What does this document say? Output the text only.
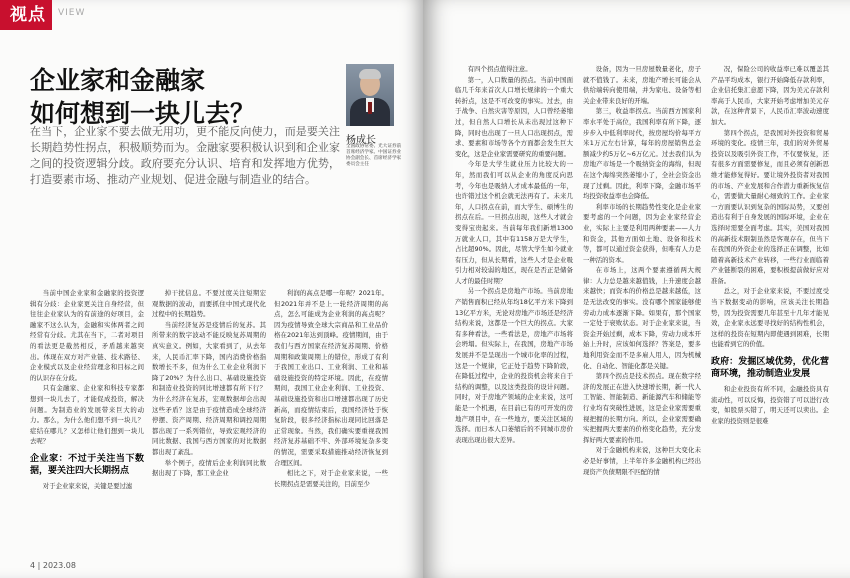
视点	VIEW
企业家和金融家
如何想到一块儿去？
杨成长
全国政协常委、光大证券前首席经济学家、中国证券业协会副会长、首席经济学家委员会主任
在当下，企业家不要去做无用功，更不能反向使力，而是要关注长期趋势性拐点，积极顺势而为。金融家要积极认识到和企业家之间的投资逻辑分歧。政府要充分认识、培育和发挥地方优势，打造要素市场、推动产业规划、促进金融与制造业的结合。

当前中国企业家和金融家的投资逻辑有分歧：企业家更关注自身经营，但往往企业家认为的有前途的好项目，金融家不这么认为，金融和实体两者之间经常有分歧。尤其在当下，二者对项目的看法更是截然相反，矛盾越来越突出。体现在双方对产业链、技术路径、企业模式以及企业经营理念和目标之间的认识存在分歧。

只有金融家、企业家和科技专家都想到一块儿去了，才能促成投资，解决问题。为制造业的发展带来巨大的动力。那么，为什么他们想不到一块儿？症结在哪儿？又怎样让他们想到一块儿去呢？

企业家：不过于关注当下数据，要关注四大长期拐点

对于企业家来说，关键是要过滤

掉干扰信息。不要过度关注短期宏观数据的波动，而要抓住中国式现代化过程中的长期趋势。

当前经济复苏是疫情后的复苏。其所带来的数字波动不能反映复苏周期的真实意义。例如，大家看到了，从去年来，人民币汇率下降，国内消费价格指数增长不多，但为什么工业企业利润下降了20%？为什么出口、基础设施投资和制造业投资的同比增速都有所下行？为什么经济在复苏，宏观数据却会出现这些矛盾？这是由于疫情造成全球经济停摆、资产周期、经济周期和调控周期都出现了一系列错位，导致宏观经济的同比数据、我国与西方国家的对比数据都出现了紊乱。

举个例子，疫情后企业利润同比数据出现了下降，那工业企业

利润的高点是哪一年呢？2021年。但2021年并不是上一轮经济周期的高点，怎么可能成为企业利润的高点呢？因为疫情导致全球大宗商品和工业品价格在2021年达到顶峰。疫情期间，由于我们与西方国家在经济复苏周期、价格周期和政策周期上的错位，形成了有利于我国工业出口、工业利润、工业和基础设施投资的特定环境。因此，在疫情期间，我国工业企业利润、工业投资、基础设施投资和出口增速都出现了历史新高，而疫情结束后，我国经济处于恢复阶段，很多经济指标出现同比回落是正常现象。当然，我们确实要重视我国经济复苏基础不牢、外部环境复杂多变的情况，需要采取措施推动经济恢复到合理区间。

相比之下，对于企业家来说，一些长期拐点是需要关注的，目前至少

4 | 2023.08

有四个拐点值得注意。

第一，人口数量的拐点。当前中国面临几千年来首次人口增长规律的一个重大转折点，这是不可改变的事实。过去，由于战争、自然灾害等原因，人口曾经萎缩过，但自然人口增长从未出现过这种下降，同时也出现了一旦人口出现拐点，需求、要素和市场等各个方面都会发生巨大变化，这是企业家需要研究的重要问题。

今年是大学生就业压力比较大的一年，然而我们可以从企业的角度反向思考，今年也是吸纳人才成本最低的一年，也许错过这个机会就无法再有了。未来几年，人口拐点在前，而大学生、硕博生的拐点在后。一旦拐点出现，这些人才就会变得宝贵起来。当前每年我们新增1300万就业人口，其中有1158万是大学生，占比超90%。因此，尽管大学生如今就业有压力，但从长期看，这些人才是企业吸引力相对较弱的地区，现在是否正是储备人才的最佳时期？

另一个拐点是房地产市场。当前房地产销售面积已经从年均18亿平方米下降到13亿平方米，无论对房地产市场还是经济结构来说，这都是一个巨大的拐点。大家有多种看法，一些看法是，房地产市场将会坍塌。但实际上，在我国，房地产市场发展并不是呈现出一个城市化率的过程，这是一个规律，它正处于趋势下降阶段，在降低过程中，企业的投资机会将来自于结构的调整，以及这类投资的设计问题。同时，对于房地产领域的企业来说，这可能是一个机遇，在目前已有的可开发的房地产项目中，在一些地方，要关注区域的选择。而日本人口萎缩后的不同城市房价表现出现出很大差异。

设备，因为一旦房屋数量老化，房子就不值钱了。未来，房地产增长可能会从供给端转向使用端，并为家电、设备等相关企业带来良好的开端。

第三，收益率拐点。当前西方国家利率水平处于高位，我国利率有所下降，逐步步入中低利率时代，按房屋均价每平方米1万元左右计算，每年的房屋销售总金额减少约5万亿~6万亿元。过去我们认为房地产市场是一个吸纳资金的海绵，但现在这个海绵突然萎缩小了，全社会资金出现了过剩。因此，利率下降，金融市场平均投资收益率也会降低。

利率市场的长期趋势性变化是企业家要考虑的一个问题，因为企业家经营企业，实际上主要是利用两种要素——人力和资金，其他方面如土地、设备和技术等，都可以通过资金获得，但唯有人力是一种活的资本。

在市场上，这两个要素遵循两大规律：人力总是越来越值钱，上升速度会越来越快；而资本的价格总是越来越低，这是无法改变的事实。没有哪个国家能够使劳动力成本逐渐下降。如果有，那个国家一定处于衰败状态。对于企业家来说，当资金开始过剩，成本下降，劳动力成本开始上升时，应该如何选择？答案是，要多地利用资金而不是多雇人用人，因为机械化、自动化、智能化都是关键。

第四个拐点是技术拐点。现在数字经济的发展正在进入快速增长期，新一代人工智能、智能制造、新能源汽车和储能等行业均有突破性进展，这是企业家需要重视把握的长期方向。所以，企业家需要确实把握两大要素的价格变化趋势，充分发挥好两大要素的作用。

对于金融机构来说，这种巨大变化未必是好事情，上半年许多金融机构已经出现资产负债期限不匹配的情

况，保险公司的收益率已难以覆盖其产品平均成本，银行开始降低存款利率，企业信托集汇意愿下降，因为美元存款利率高于人民币，大家开始考虑增加美元存款，在这种背景下，人民币汇率波动速度加大。

第四个拐点，是我国对外投资和贸易环境的变化。疫情三年，我们的对外贸易投资以及吸引外资工作，不仅要恢复，还有很多方面需要修复，而且必须有创新思维才能修复得好。要让境外投资者对我国的市场、产业发展和合作潜力重新恢复信心，需要做大量耐心细致的工作。企业家一方面要认识到复杂的国际局势，又要创造出有利于自身发展的国际环境，企业在选择时需要全面考虑。其实，美国对我国的高新技术限制虽然是客观存在，但当下在我国的外资企业的选择正在调整，比如随着高新技术产业转移，一些行业面临着产业链断裂的困难，要积极提前做好应对准备。

总之，对于企业家来说，不要过度受当下数据变动的影响，应该关注长期趋势，因为投资需要几年甚至十几年才能见效，企业家永远要寻找好的结构性机会，这样的投资在短期内即使遇到困难，长期也能看到它的价值。

政府：发掘区域优势，优化营商环境，推动制造业发展

和企业投资有所不同，金融投资具有流动性，可以反悔，投资错了可以进行改变，如股票买错了，明天还可以卖出。企业家的投资则是很难
